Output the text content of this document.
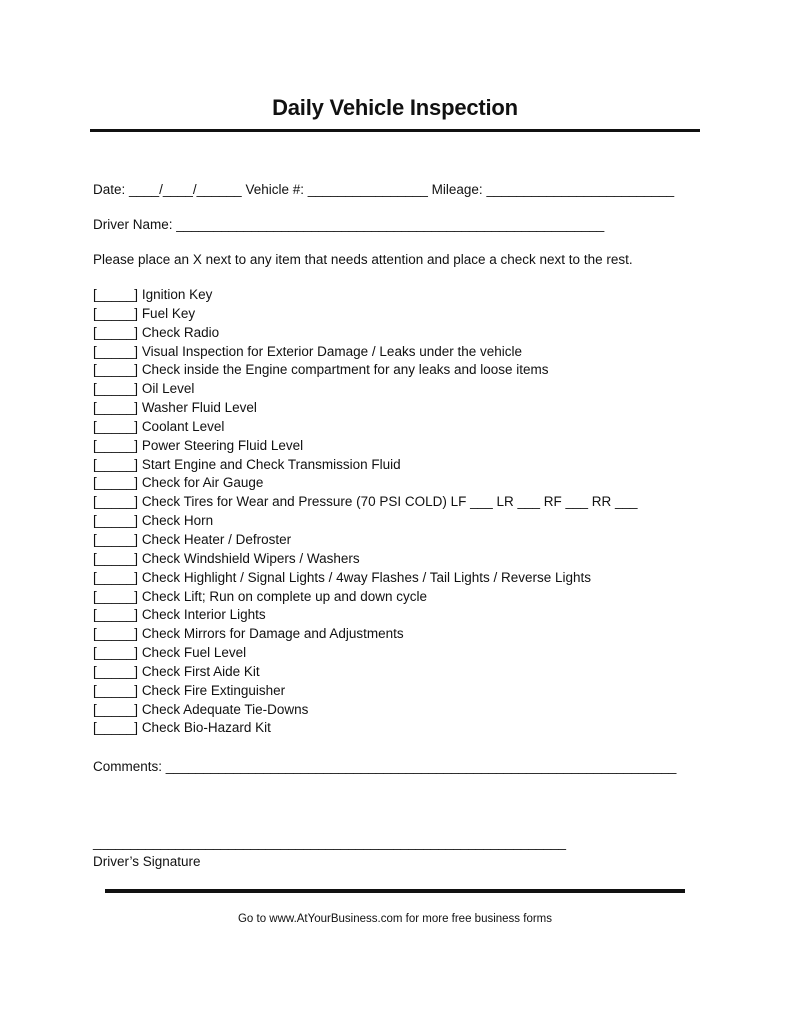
Daily Vehicle Inspection
Date: ____/____/______ Vehicle #: ________________ Mileage: _________________________
Driver Name: _________________________________________________________
Please place an X next to any item that needs attention and place a check next to the rest.
[_____] Ignition Key
[_____] Fuel Key
[_____] Check Radio
[_____] Visual Inspection for Exterior Damage / Leaks under the vehicle
[_____] Check inside the Engine compartment for any leaks and loose items
[_____] Oil Level
[_____] Washer Fluid Level
[_____] Coolant Level
[_____] Power Steering Fluid Level
[_____] Start Engine and Check Transmission Fluid
[_____] Check for Air Gauge
[_____] Check Tires for Wear and Pressure (70 PSI COLD) LF ___ LR ___ RF ___ RR ___
[_____] Check Horn
[_____] Check Heater / Defroster
[_____] Check Windshield Wipers / Washers
[_____] Check Highlight / Signal Lights / 4way Flashes / Tail Lights / Reverse Lights
[_____] Check Lift; Run on complete up and down cycle
[_____] Check Interior Lights
[_____] Check Mirrors for Damage and Adjustments
[_____] Check Fuel Level
[_____] Check First Aide Kit
[_____] Check Fire Extinguisher
[_____] Check Adequate Tie-Downs
[_____] Check Bio-Hazard Kit
Comments: ____________________________________________________________________
_______________________________________________________________
Driver’s Signature
Go to www.AtYourBusiness.com for more free business forms
